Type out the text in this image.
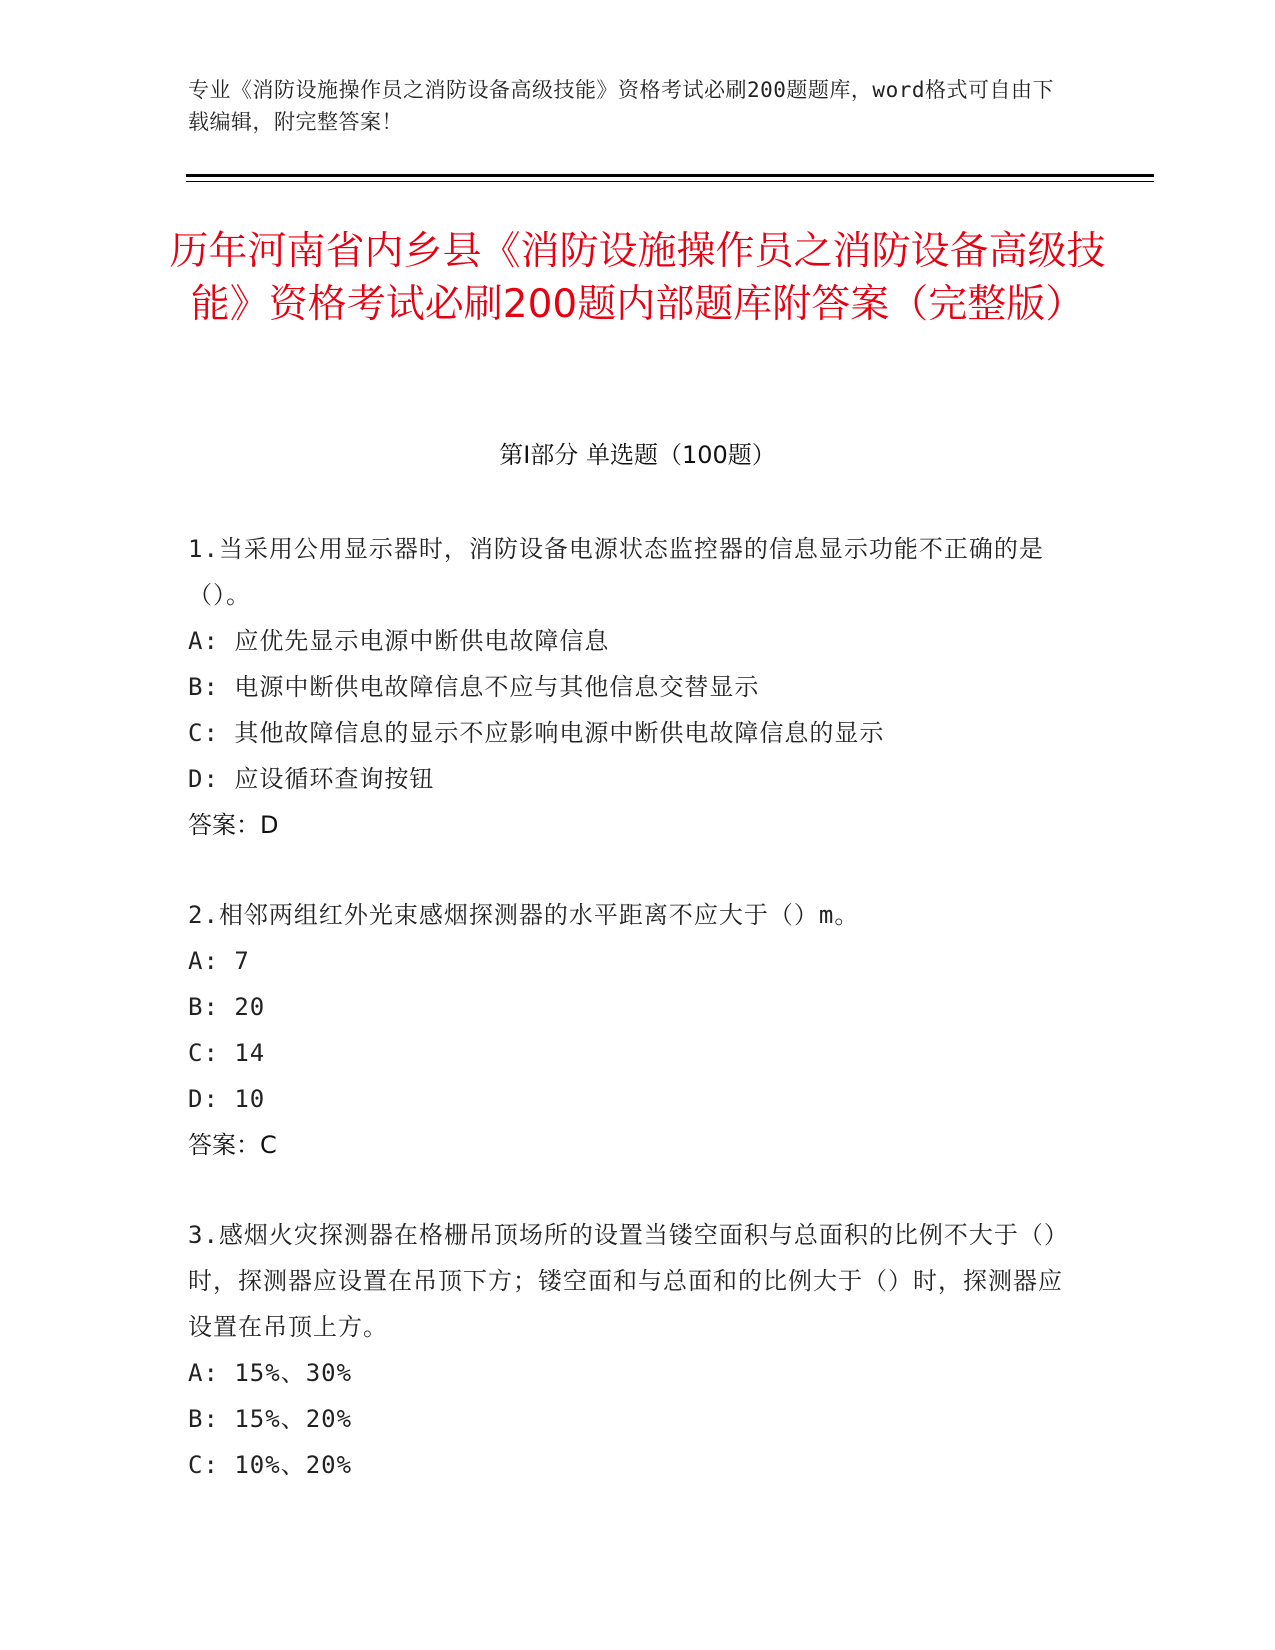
专业《消防设施操作员之消防设备高级技能》资格考试必刷200题题库，word格式可自由下载编辑，附完整答案！
历年河南省内乡县《消防设施操作员之消防设备高级技能》资格考试必刷200题内部题库附答案（完整版）
第Ⅰ部分 单选题（100题）
1.当采用公用显示器时，消防设备电源状态监控器的信息显示功能不正确的是（）。
A: 应优先显示电源中断供电故障信息
B: 电源中断供电故障信息不应与其他信息交替显示
C: 其他故障信息的显示不应影响电源中断供电故障信息的显示
D: 应设循环查询按钮
答案：D
2.相邻两组红外光束感烟探测器的水平距离不应大于（）m。
A: 7
B: 20
C: 14
D: 10
答案：C
3.感烟火灾探测器在格栅吊顶场所的设置当镂空面积与总面积的比例不大于（）时，探测器应设置在吊顶下方；镂空面和与总面和的比例大于（）时，探测器应设置在吊顶上方。
A: 15%、30%
B: 15%、20%
C: 10%、20%
